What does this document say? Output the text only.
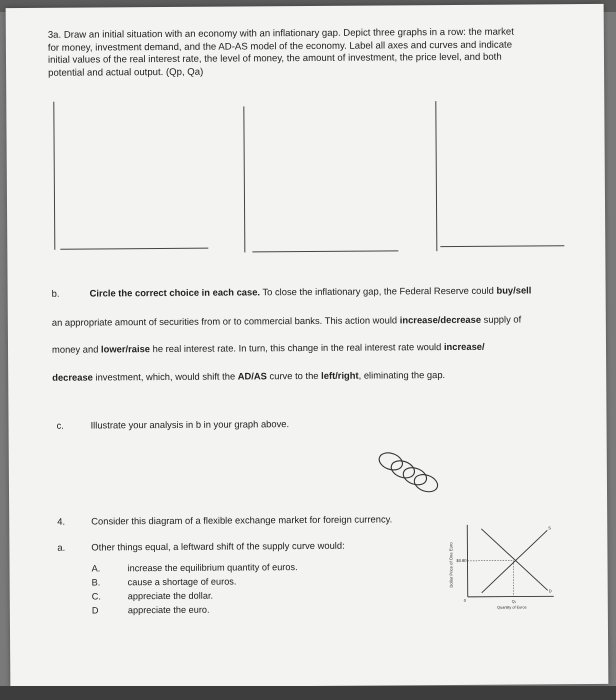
3a. Draw an initial situation with an economy with an inflationary gap. Depict three graphs in a row: the market
for money, investment demand, and the AD-AS model of the economy. Label all axes and curves and indicate
initial values of the real interest rate, the level of money, the amount of investment, the price level, and both
potential and actual output. (Qp, Qa)
b.	Circle the correct choice in each case. To close the inflationary gap, the Federal Reserve could buy/sell
an appropriate amount of securities from or to commercial banks. This action would increase/decrease supply of
money and lower/raise he real interest rate. In turn, this change in the real interest rate would increase/
decrease investment, which, would shift the AD/AS curve to the left/right, eliminating the gap.
c.	Illustrate your analysis in b in your graph above.
4.	Consider this diagram of a flexible exchange market for foreign currency.
a.	Other things equal, a leftward shift of the supply curve would:
A.	increase the equilibrium quantity of euros.
B.	cause a shortage of euros.
C.	appreciate the dollar.
D	appreciate the euro.
Dollar Price of One Euro $0.80
S
D
0	Q₁
Quantity of Euros
